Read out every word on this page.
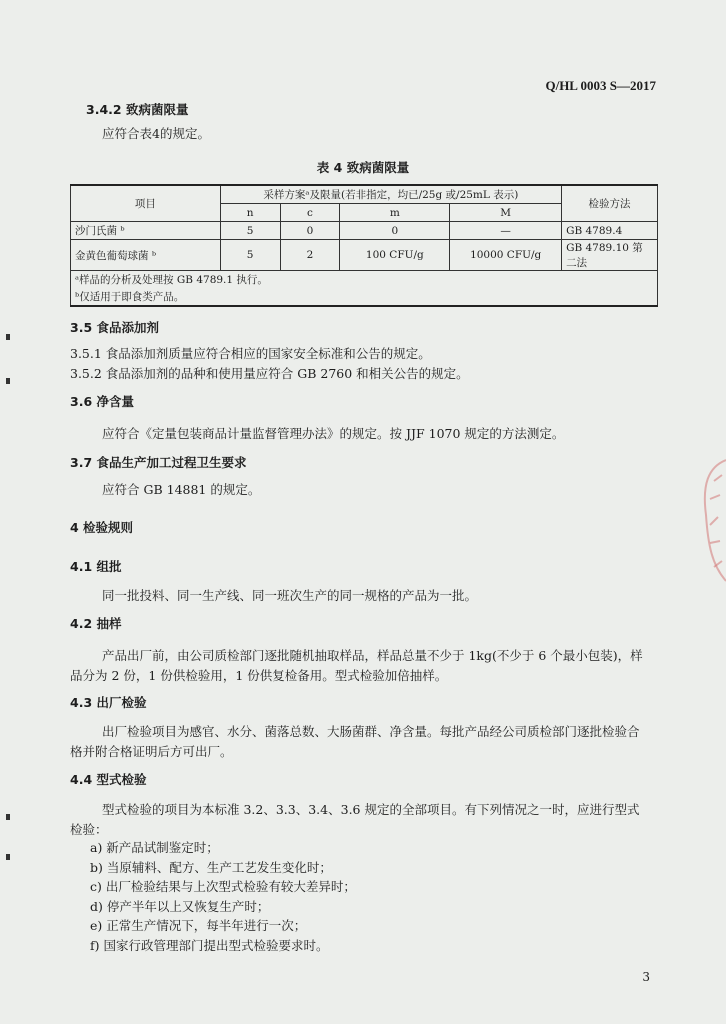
Q/HL 0003 S—2017
3.4.2 致病菌限量
应符合表4的规定。
表 4 致病菌限量
项目	采样方案ᵃ及限量(若非指定，均已/25g 或/25mL 表示)				检验方法
	n	c	m	M	
沙门氏菌 ᵇ	5	0	0	—	GB 4789.4
金黄色葡萄球菌 ᵇ	5	2	100 CFU/g	10000 CFU/g	GB 4789.10 第二法
ᵃ样品的分析及处理按 GB 4789.1 执行。					
ᵇ仅适用于即食类产品。					
3.5 食品添加剂
3.5.1 食品添加剂质量应符合相应的国家安全标准和公告的规定。
3.5.2 食品添加剂的品种和使用量应符合 GB 2760 和相关公告的规定。
3.6 净含量
应符合《定量包装商品计量监督管理办法》的规定。按 JJF 1070 规定的方法测定。
3.7 食品生产加工过程卫生要求
应符合 GB 14881 的规定。
4 检验规则
4.1 组批
同一批投料、同一生产线、同一班次生产的同一规格的产品为一批。
4.2 抽样
产品出厂前，由公司质检部门逐批随机抽取样品，样品总量不少于 1kg(不少于 6 个最小包装)，样
品分为 2 份，1 份供检验用，1 份供复检备用。型式检验加倍抽样。
4.3 出厂检验
出厂检验项目为感官、水分、菌落总数、大肠菌群、净含量。每批产品经公司质检部门逐批检验合
格并附合格证明后方可出厂。
4.4 型式检验
型式检验的项目为本标准 3.2、3.3、3.4、3.6 规定的全部项目。有下列情况之一时，应进行型式
检验：
a) 新产品试制鉴定时；
b) 当原辅料、配方、生产工艺发生变化时；
c) 出厂检验结果与上次型式检验有较大差异时；
d) 停产半年以上又恢复生产时；
e) 正常生产情况下，每半年进行一次；
f) 国家行政管理部门提出型式检验要求时。
3
